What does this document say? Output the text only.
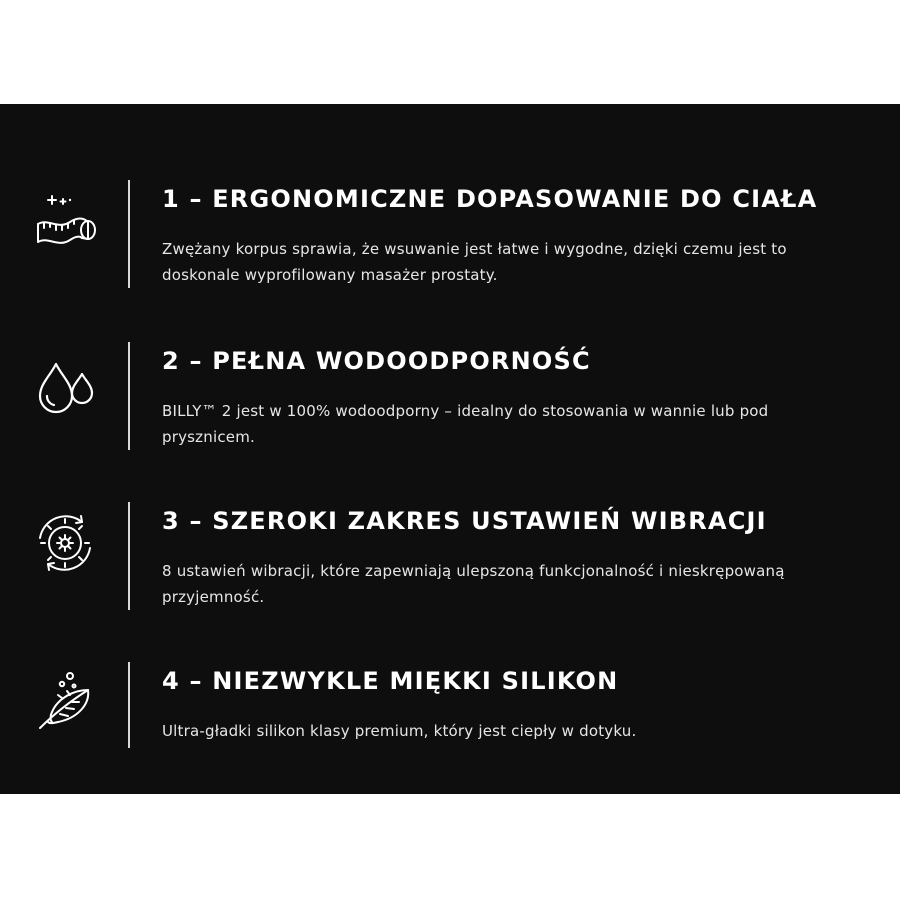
1 – ERGONOMICZNE DOPASOWANIE DO CIAŁA

Zwężany korpus sprawia, że wsuwanie jest łatwe i wygodne, dzięki czemu jest to doskonale wyprofilowany masażer prostaty.

2 – PEŁNA WODOODPORNOŚĆ

BILLY™ 2 jest w 100% wodoodporny – idealny do stosowania w wannie lub pod prysznicem.

3 – SZEROKI ZAKRES USTAWIEŃ WIBRACJI

8 ustawień wibracji, które zapewniają ulepszoną funkcjonalność i nieskrępowaną przyjemność.

4 – NIEZWYKLE MIĘKKI SILIKON

Ultra-gładki silikon klasy premium, który jest ciepły w dotyku.
